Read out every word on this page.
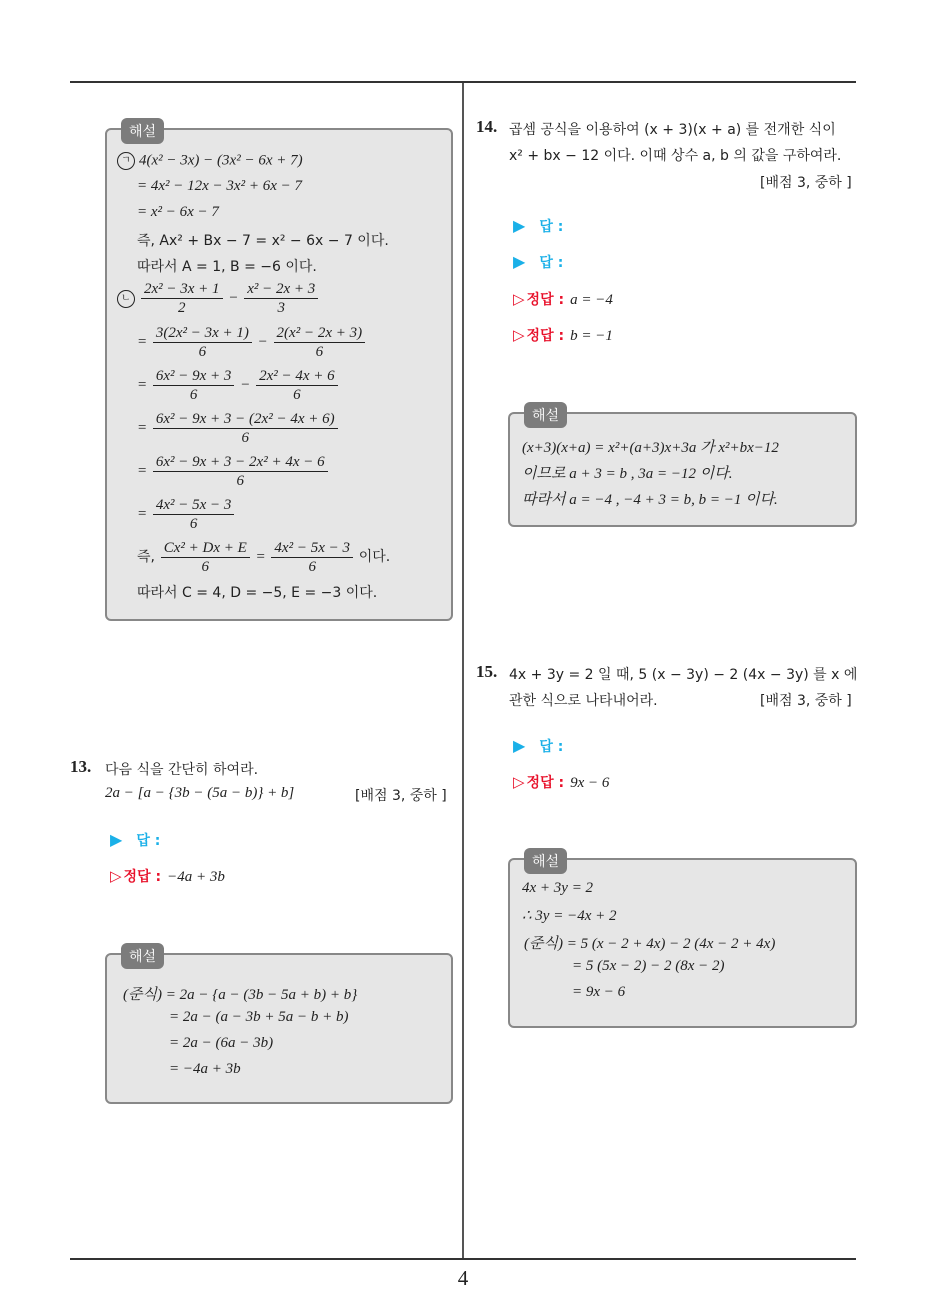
4
해설
ㄱ 4(x² − 3x) − (3x² − 6x + 7)
= 4x² − 12x − 3x² + 6x − 7
= x² − 6x − 7
즉, Ax² + Bx − 7 = x² − 6x − 7 이다.
따라서 A = 1, B = −6 이다.
ㄴ $\frac{\text{2x² − 3x + 1}}{2} - \frac{\text{x² − 2x + 3}}{3}$
= $\frac{\text{3(2x² − 3x + 1)}}{6} - \frac{\text{2(x² − 2x + 3)}}{6}$
= $\frac{\text{6x² − 9x + 3}}{6} - \frac{\text{2x² − 4x + 6}}{6}$
= $\frac{\text{6x² − 9x + 3 − (2x² − 4x + 6)}}{6}$
= $\frac{\text{6x² − 9x + 3 − 2x² + 4x − 6}}{6}$
= $\frac{\text{4x² − 5x − 3}}{6}$
즉, $\frac{\text{Cx² + Dx + E}}{6} = \frac{\text{4x² − 5x − 3}}{6}$ 이다.
따라서 C = 4, D = −5, E = −3 이다.
13. 다음 식을 간단히 하여라.
2a − [a − {3b − (5a − b)} + b]	[배점 3, 중하 ]
▶ 답 :
▷ 정답 : −4a + 3b
해설
(준식) = 2a − {a − (3b − 5a + b) + b}
= 2a − (a − 3b + 5a − b + b)
= 2a − (6a − 3b)
= −4a + 3b
14. 곱셈 공식을 이용하여 (x + 3)(x + a) 를 전개한 식이
x² + bx − 12 이다. 이때 상수 a, b 의 값을 구하여라.
[배점 3, 중하 ]
▶ 답 :
▶ 답 :
▷ 정답 : a = −4
▷ 정답 : b = −1
해설
(x+3)(x+a) = x²+(a+3)x+3a 가 x²+bx−12
이므로 a + 3 = b , 3a = −12 이다.
따라서 a = −4 , −4 + 3 = b, b = −1 이다.
15. 4x + 3y = 2 일 때, 5 (x − 3y) − 2 (4x − 3y) 를 x 에
관한 식으로 나타내어라.	[배점 3, 중하 ]
▶ 답 :
▷ 정답 : 9x − 6
해설
4x + 3y = 2
∴ 3y = −4x + 2
(준식) = 5 (x − 2 + 4x) − 2 (4x − 2 + 4x)
= 5 (5x − 2) − 2 (8x − 2)
= 9x − 6
